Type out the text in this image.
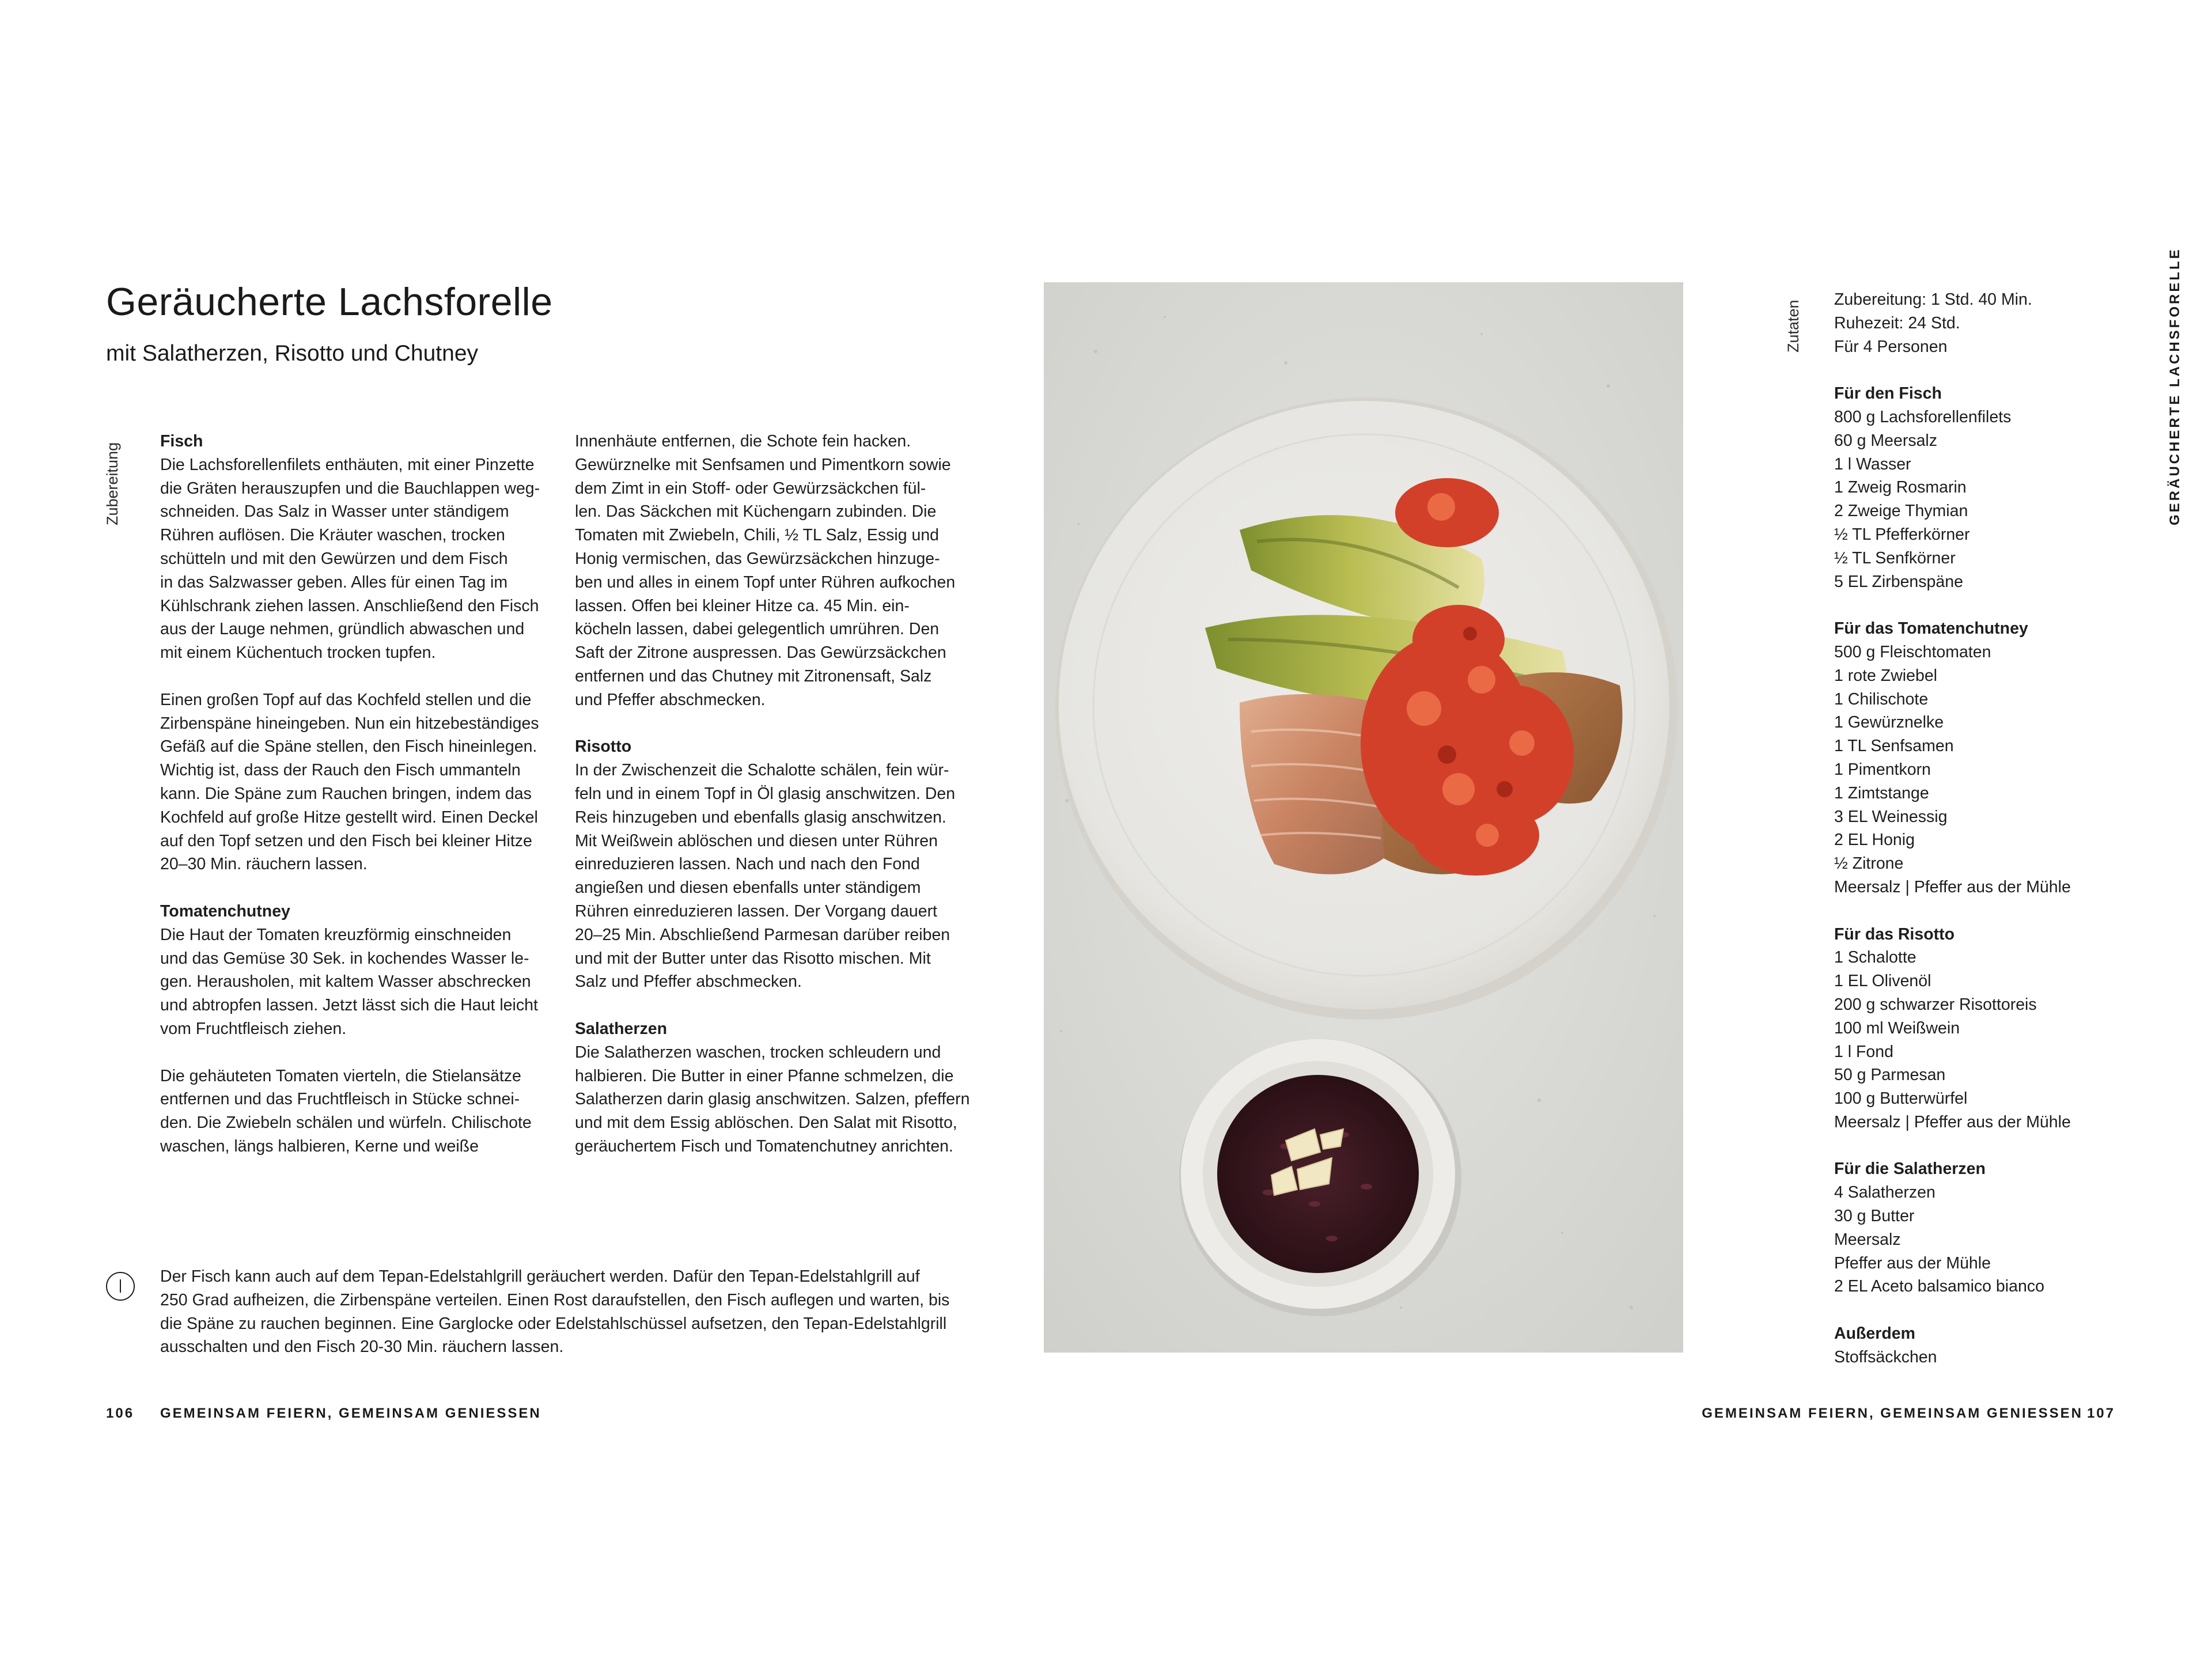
Geräucherte Lachsforelle
mit Salatherzen, Risotto und Chutney
Zubereitung
Zutaten	GERÄUCHERTE LACHSFORELLE
Fisch

Die Lachsforellenfilets enthäuten, mit einer Pinzette
die Gräten herauszupfen und die Bauchlappen weg-
schneiden. Das Salz in Wasser unter ständigem
Rühren auflösen. Die Kräuter waschen, trocken
schütteln und mit den Gewürzen und dem Fisch
in das Salzwasser geben. Alles für einen Tag im
Kühlschrank ziehen lassen. Anschließend den Fisch
aus der Lauge nehmen, gründlich abwaschen und
mit einem Küchentuch trocken tupfen.

Einen großen Topf auf das Kochfeld stellen und die
Zirbenspäne hineingeben. Nun ein hitzebeständiges
Gefäß auf die Späne stellen, den Fisch hineinlegen.
Wichtig ist, dass der Rauch den Fisch ummanteln
kann. Die Späne zum Rauchen bringen, indem das
Kochfeld auf große Hitze gestellt wird. Einen Deckel
auf den Topf setzen und den Fisch bei kleiner Hitze
20–30 Min. räuchern lassen.

Tomatenchutney

Die Haut der Tomaten kreuzförmig einschneiden
und das Gemüse 30 Sek. in kochendes Wasser le-
gen. Herausholen, mit kaltem Wasser abschrecken
und abtropfen lassen. Jetzt lässt sich die Haut leicht
vom Fruchtfleisch ziehen.

Die gehäuteten Tomaten vierteln, die Stielansätze
entfernen und das Fruchtfleisch in Stücke schnei-
den. Die Zwiebeln schälen und würfeln. Chilischote
waschen, längs halbieren, Kerne und weiße

Innenhäute entfernen, die Schote fein hacken.
Gewürznelke mit Senfsamen und Pimentkorn sowie
dem Zimt in ein Stoff- oder Gewürzsäckchen fül-
len. Das Säckchen mit Küchengarn zubinden. Die
Tomaten mit Zwiebeln, Chili, ½ TL Salz, Essig und
Honig vermischen, das Gewürzsäckchen hinzuge-
ben und alles in einem Topf unter Rühren aufkochen
lassen. Offen bei kleiner Hitze ca. 45 Min. ein-
köcheln lassen, dabei gelegentlich umrühren. Den
Saft der Zitrone auspressen. Das Gewürzsäckchen
entfernen und das Chutney mit Zitronensaft, Salz
und Pfeffer abschmecken.

Risotto

In der Zwischenzeit die Schalotte schälen, fein wür-
feln und in einem Topf in Öl glasig anschwitzen. Den
Reis hinzugeben und ebenfalls glasig anschwitzen.
Mit Weißwein ablöschen und diesen unter Rühren
einreduzieren lassen. Nach und nach den Fond
angießen und diesen ebenfalls unter ständigem
Rühren einreduzieren lassen. Der Vorgang dauert
20–25 Min. Abschließend Parmesan darüber reiben
und mit der Butter unter das Risotto mischen. Mit
Salz und Pfeffer abschmecken.

Salatherzen

Die Salatherzen waschen, trocken schleudern und
halbieren. Die Butter in einer Pfanne schmelzen, die
Salatherzen darin glasig anschwitzen. Salzen, pfeffern
und mit dem Essig ablöschen. Den Salat mit Risotto,
geräuchertem Fisch und Tomatenchutney anrichten.

Der Fisch kann auch auf dem Tepan-Edelstahlgrill geräuchert werden. Dafür den Tepan-Edelstahlgrill auf
250 Grad aufheizen, die Zirbenspäne verteilen. Einen Rost daraufstellen, den Fisch auflegen und warten, bis
die Späne zu rauchen beginnen. Eine Garglocke oder Edelstahlschüssel aufsetzen, den Tepan-Edelstahlgrill
ausschalten und den Fisch 20-30 Min. räuchern lassen.
Zubereitung: 1 Std. 40 Min.
Ruhezeit: 24 Std.
Für 4 Personen
Für den Fisch
800 g Lachsforellenfilets
60 g Meersalz
1 l Wasser
1 Zweig Rosmarin
2 Zweige Thymian
½ TL Pfefferkörner
½ TL Senfkörner
5 EL Zirbenspäne
Für das Tomatenchutney
500 g Fleischtomaten
1 rote Zwiebel
1 Chilischote
1 Gewürznelke
1 TL Senfsamen
1 Pimentkorn
1 Zimtstange
3 EL Weinessig
2 EL Honig
½ Zitrone
Meersalz | Pfeffer aus der Mühle
Für das Risotto
1 Schalotte
1 EL Olivenöl
200 g schwarzer Risottoreis
100 ml Weißwein
1 l Fond
50 g Parmesan
100 g Butterwürfel
Meersalz | Pfeffer aus der Mühle
Für die Salatherzen
4 Salatherzen
30 g Butter
Meersalz
Pfeffer aus der Mühle
2 EL Aceto balsamico bianco
Außerdem
Stoffsäckchen
106 GEMEINSAM FEIERN, GEMEINSAM GENIESSEN	GEMEINSAM FEIERN, GEMEINSAM GENIESSEN 107
